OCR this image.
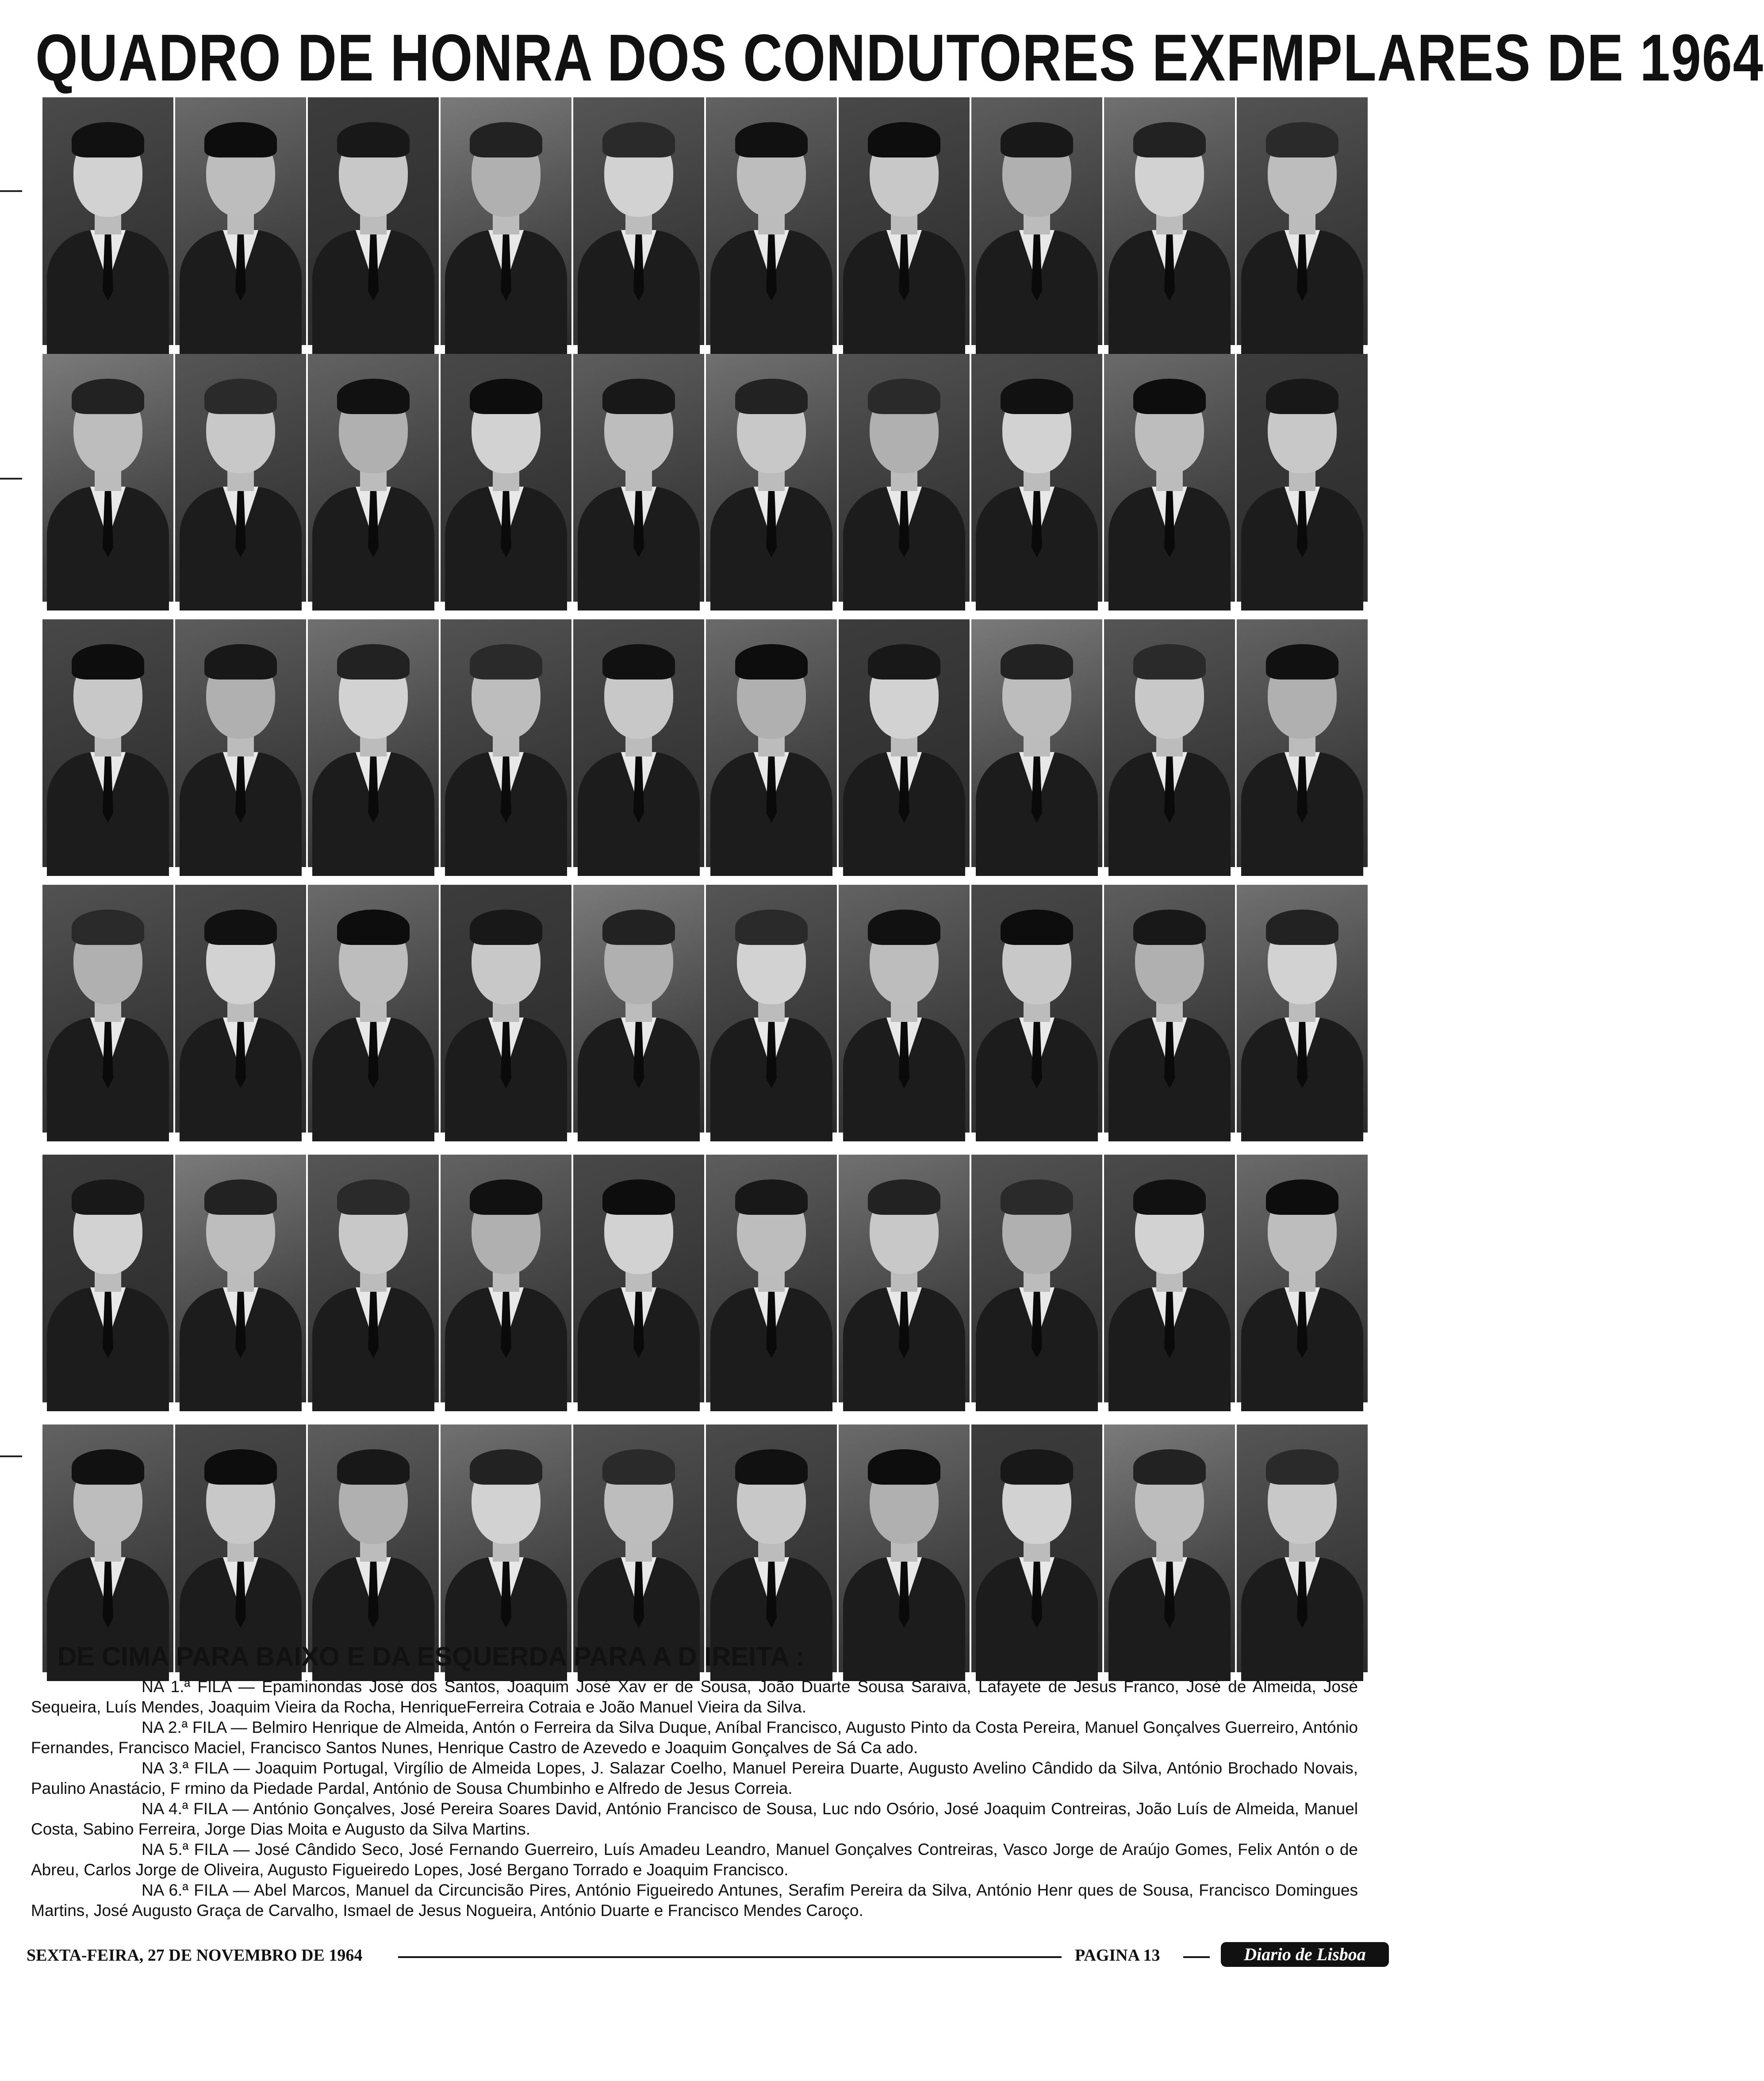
QUADRO DE HONRA DOS CONDUTORES EXFMPLARES DE 1964
DE CIMA PARA BAIXO E DA ESQUERDA PARA A D IREITA :

NA 1.ª FILA — Epaminondas José dos Santos, Joaquim José Xav er de Sousa, João Duarte Sousa Saraiva, Lafayete de Jesus Franco, José de Almeida, José Sequeira, Luís Mendes, Joaquim Vieira da Rocha, HenriqueFerreira Cotraia e João Manuel Vieira da Silva.

NA 2.ª FILA — Belmiro Henrique de Almeida, Antón o Ferreira da Silva Duque, Aníbal Francisco, Augusto Pinto da Costa Pereira, Manuel Gonçalves Guerreiro, António Fernandes, Francisco Maciel, Francisco Santos Nunes, Henrique Castro de Azevedo e Joaquim Gonçalves de Sá Ca ado.

NA 3.ª FILA — Joaquim Portugal, Virgílio de Almeida Lopes, J. Salazar Coelho, Manuel Pereira Duarte, Augusto Avelino Cândido da Silva, António Brochado Novais, Paulino Anastácio, F rmino da Piedade Pardal, António de Sousa Chumbinho e Alfredo de Jesus Correia.

NA 4.ª FILA — António Gonçalves, José Pereira Soares David, António Francisco de Sousa, Luc ndo Osório, José Joaquim Contreiras, João Luís de Almeida, Manuel Costa, Sabino Ferreira, Jorge Dias Moita e Augusto da Silva Martins.

NA 5.ª FILA — José Cândido Seco, José Fernando Guerreiro, Luís Amadeu Leandro, Manuel Gonçalves Contreiras, Vasco Jorge de Araújo Gomes, Felix Antón o de Abreu, Carlos Jorge de Oliveira, Augusto Figueiredo Lopes, José Bergano Torrado e Joaquim Francisco.

NA 6.ª FILA — Abel Marcos, Manuel da Circuncisão Pires, António Figueiredo Antunes, Serafim Pereira da Silva, António Henr ques de Sousa, Francisco Domingues Martins, José Augusto Graça de Carvalho, Ismael de Jesus Nogueira, António Duarte e Francisco Mendes Caroço.

SEXTA-FEIRA, 27 DE NOVEMBRO DE 1964	PAGINA 13	Diario de Lisboa
